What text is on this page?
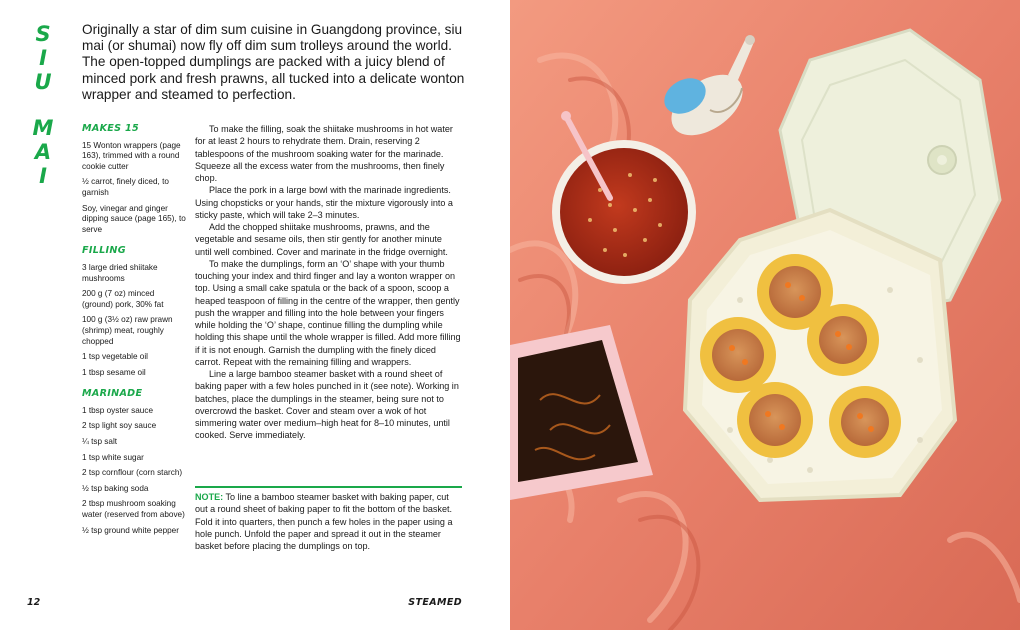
S
I
U
M
A
I
Originally a star of dim sum cuisine in Guangdong province, siu mai (or shumai) now fly off dim sum trolleys around the world. The open-topped dumplings are packed with a juicy blend of minced pork and fresh prawns, all tucked into a delicate wonton wrapper and steamed to perfection.
MAKES 15
15 Wonton wrappers (page 163), trimmed with a round cookie cutter
½ carrot, finely diced, to garnish
Soy, vinegar and ginger dipping sauce (page 165), to serve
FILLING
3 large dried shiitake mushrooms
200 g (7 oz) minced (ground) pork, 30% fat
100 g (3½ oz) raw prawn (shrimp) meat, roughly chopped
1 tsp vegetable oil
1 tbsp sesame oil
MARINADE
1 tbsp oyster sauce
2 tsp light soy sauce
¼ tsp salt
1 tsp white sugar
2 tsp cornflour (corn starch)
½ tsp baking soda
2 tbsp mushroom soaking water (reserved from above)
½ tsp ground white pepper

To make the filling, soak the shiitake mushrooms in hot water for at least 2 hours to rehydrate them. Drain, reserving 2 tablespoons of the mushroom soaking water for the marinade. Squeeze all the excess water from the mushrooms, then finely chop.

Place the pork in a large bowl with the marinade ingredients. Using chopsticks or your hands, stir the mixture vigorously into a sticky paste, which will take 2–3 minutes.

Add the chopped shiitake mushrooms, prawns, and the vegetable and sesame oils, then stir gently for another minute until well combined. Cover and marinate in the fridge overnight.

To make the dumplings, form an ‘O’ shape with your thumb touching your index and third finger and lay a wonton wrapper on top. Using a small cake spatula or the back of a spoon, scoop a heaped teaspoon of filling in the centre of the wrapper, then gently push the wrapper and filling into the hole between your fingers while holding the ‘O’ shape, continue filling the dumpling while holding this shape until the whole wrapper is filled. Add more filling if it is not enough. Garnish the dumpling with the finely diced carrot. Repeat with the remaining filling and wrappers.

Line a large bamboo steamer basket with a round sheet of baking paper with a few holes punched in it (see note). Working in batches, place the dumplings in the steamer, being sure not to overcrowd the basket. Cover and steam over a wok of hot simmering water over medium–high heat for 8–10 minutes, until cooked. Serve immediately.

NOTE: To line a bamboo steamer basket with baking paper, cut out a round sheet of baking paper to fit the bottom of the basket. Fold it into quarters, then punch a few holes in the paper using a hole punch. Unfold the paper and spread it out in the steamer basket before placing the dumplings on top.
12	STEAMED
